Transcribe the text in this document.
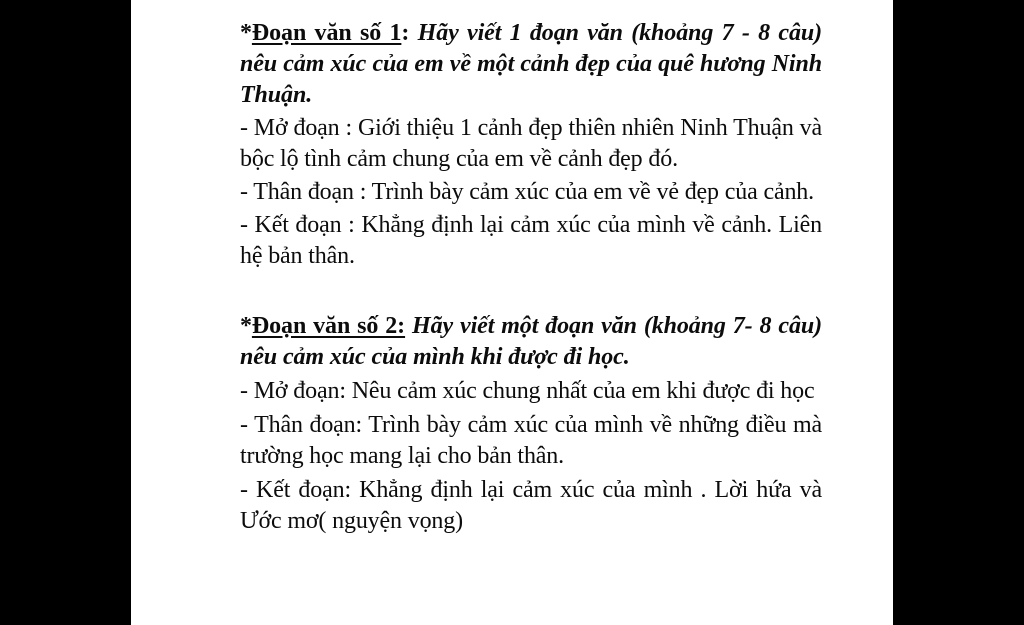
*Đoạn văn số 1: Hãy viết 1 đoạn văn (khoảng 7 - 8 câu) nêu cảm xúc của em về một cảnh đẹp của quê hương Ninh Thuận.

- Mở đoạn : Giới thiệu 1 cảnh đẹp thiên nhiên Ninh Thuận và bộc lộ tình cảm chung của em về cảnh đẹp đó.

- Thân đoạn : Trình bày cảm xúc của em về vẻ đẹp của cảnh.

- Kết đoạn : Khẳng định lại cảm xúc của mình về cảnh. Liên hệ bản thân.

*Đoạn văn số 2: Hãy viết một đoạn văn (khoảng 7- 8 câu) nêu cảm xúc của mình khi được đi học.

- Mở đoạn: Nêu cảm xúc chung nhất của em khi được đi học

- Thân đoạn: Trình bày cảm xúc của mình về những điều mà trường học mang lại cho bản thân.

- Kết đoạn: Khẳng định lại cảm xúc của mình . Lời hứa và Ước mơ( nguyện vọng)
